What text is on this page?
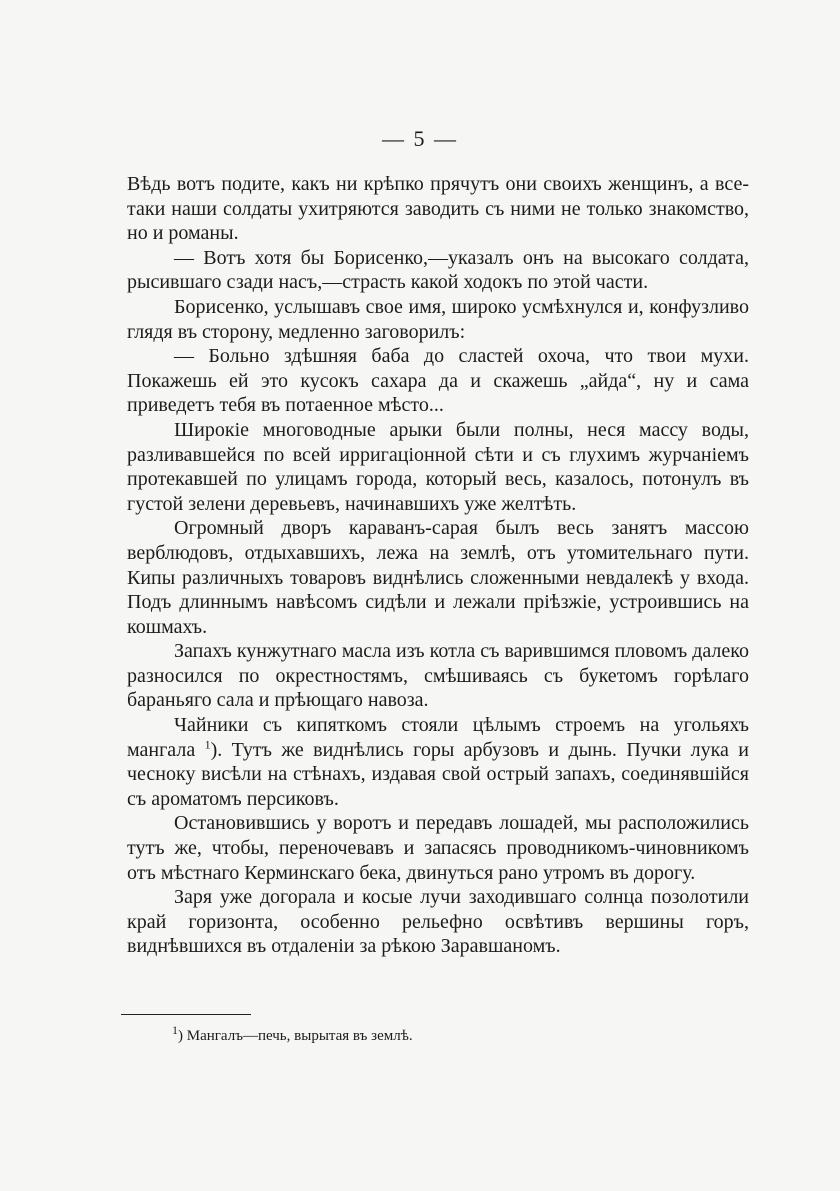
— 5 —

Вѣдь вотъ подите, какъ ни крѣпко прячутъ они своихъ женщинъ, а все-таки наши солдаты ухитряются заводить съ ними не только знакомство, но и романы.

— Вотъ хотя бы Борисенко,—указалъ онъ на высокаго солдата, рысившаго сзади насъ,—страсть какой ходокъ по этой части.

Борисенко, услышавъ свое имя, широко усмѣхнулся и, конфузливо глядя въ сторону, медленно заговорилъ:

— Больно здѣшняя баба до сластей охоча, что твои мухи. Покажешь ей это кусокъ сахара да и скажешь „айда“, ну и сама приведетъ тебя въ потаенное мѣсто...

Широкіе многоводные арыки были полны, неся массу воды, разливавшейся по всей ирригаціонной сѣти и съ глухимъ журчаніемъ протекавшей по улицамъ города, который весь, казалось, потонулъ въ густой зелени деревьевъ, начинавшихъ уже желтѣть.

Огромный дворъ караванъ-сарая былъ весь занятъ массою верблюдовъ, отдыхавшихъ, лежа на землѣ, отъ утомительнаго пути. Кипы различныхъ товаровъ виднѣлись сложенными невдалекѣ у входа. Подъ длиннымъ навѣсомъ сидѣли и лежали пріѣзжіе, устроившись на кошмахъ.

Запахъ кунжутнаго масла изъ котла съ варившимся пловомъ далеко разносился по окрестностямъ, смѣшиваясь съ букетомъ горѣлаго бараньяго сала и прѣющаго навоза.

Чайники съ кипяткомъ стояли цѣлымъ строемъ на угольяхъ мангала $^1$). Тутъ же виднѣлись горы арбузовъ и дынь. Пучки лука и чесноку висѣли на стѣнахъ, издавая свой острый запахъ, соединявшійся съ ароматомъ персиковъ.

Остановившись у воротъ и передавъ лошадей, мы расположились тутъ же, чтобы, переночевавъ и запасясь проводникомъ-чиновникомъ отъ мѣстнаго Керминскаго бека, двинуться рано утромъ въ дорогу.

Заря уже догорала и косые лучи заходившаго солнца позолотили край горизонта, особенно рельефно освѣтивъ вершины горъ, виднѣвшихся въ отдаленіи за рѣкою Заравшаномъ.

$^1$) Мангалъ—печь, вырытая въ землѣ.
